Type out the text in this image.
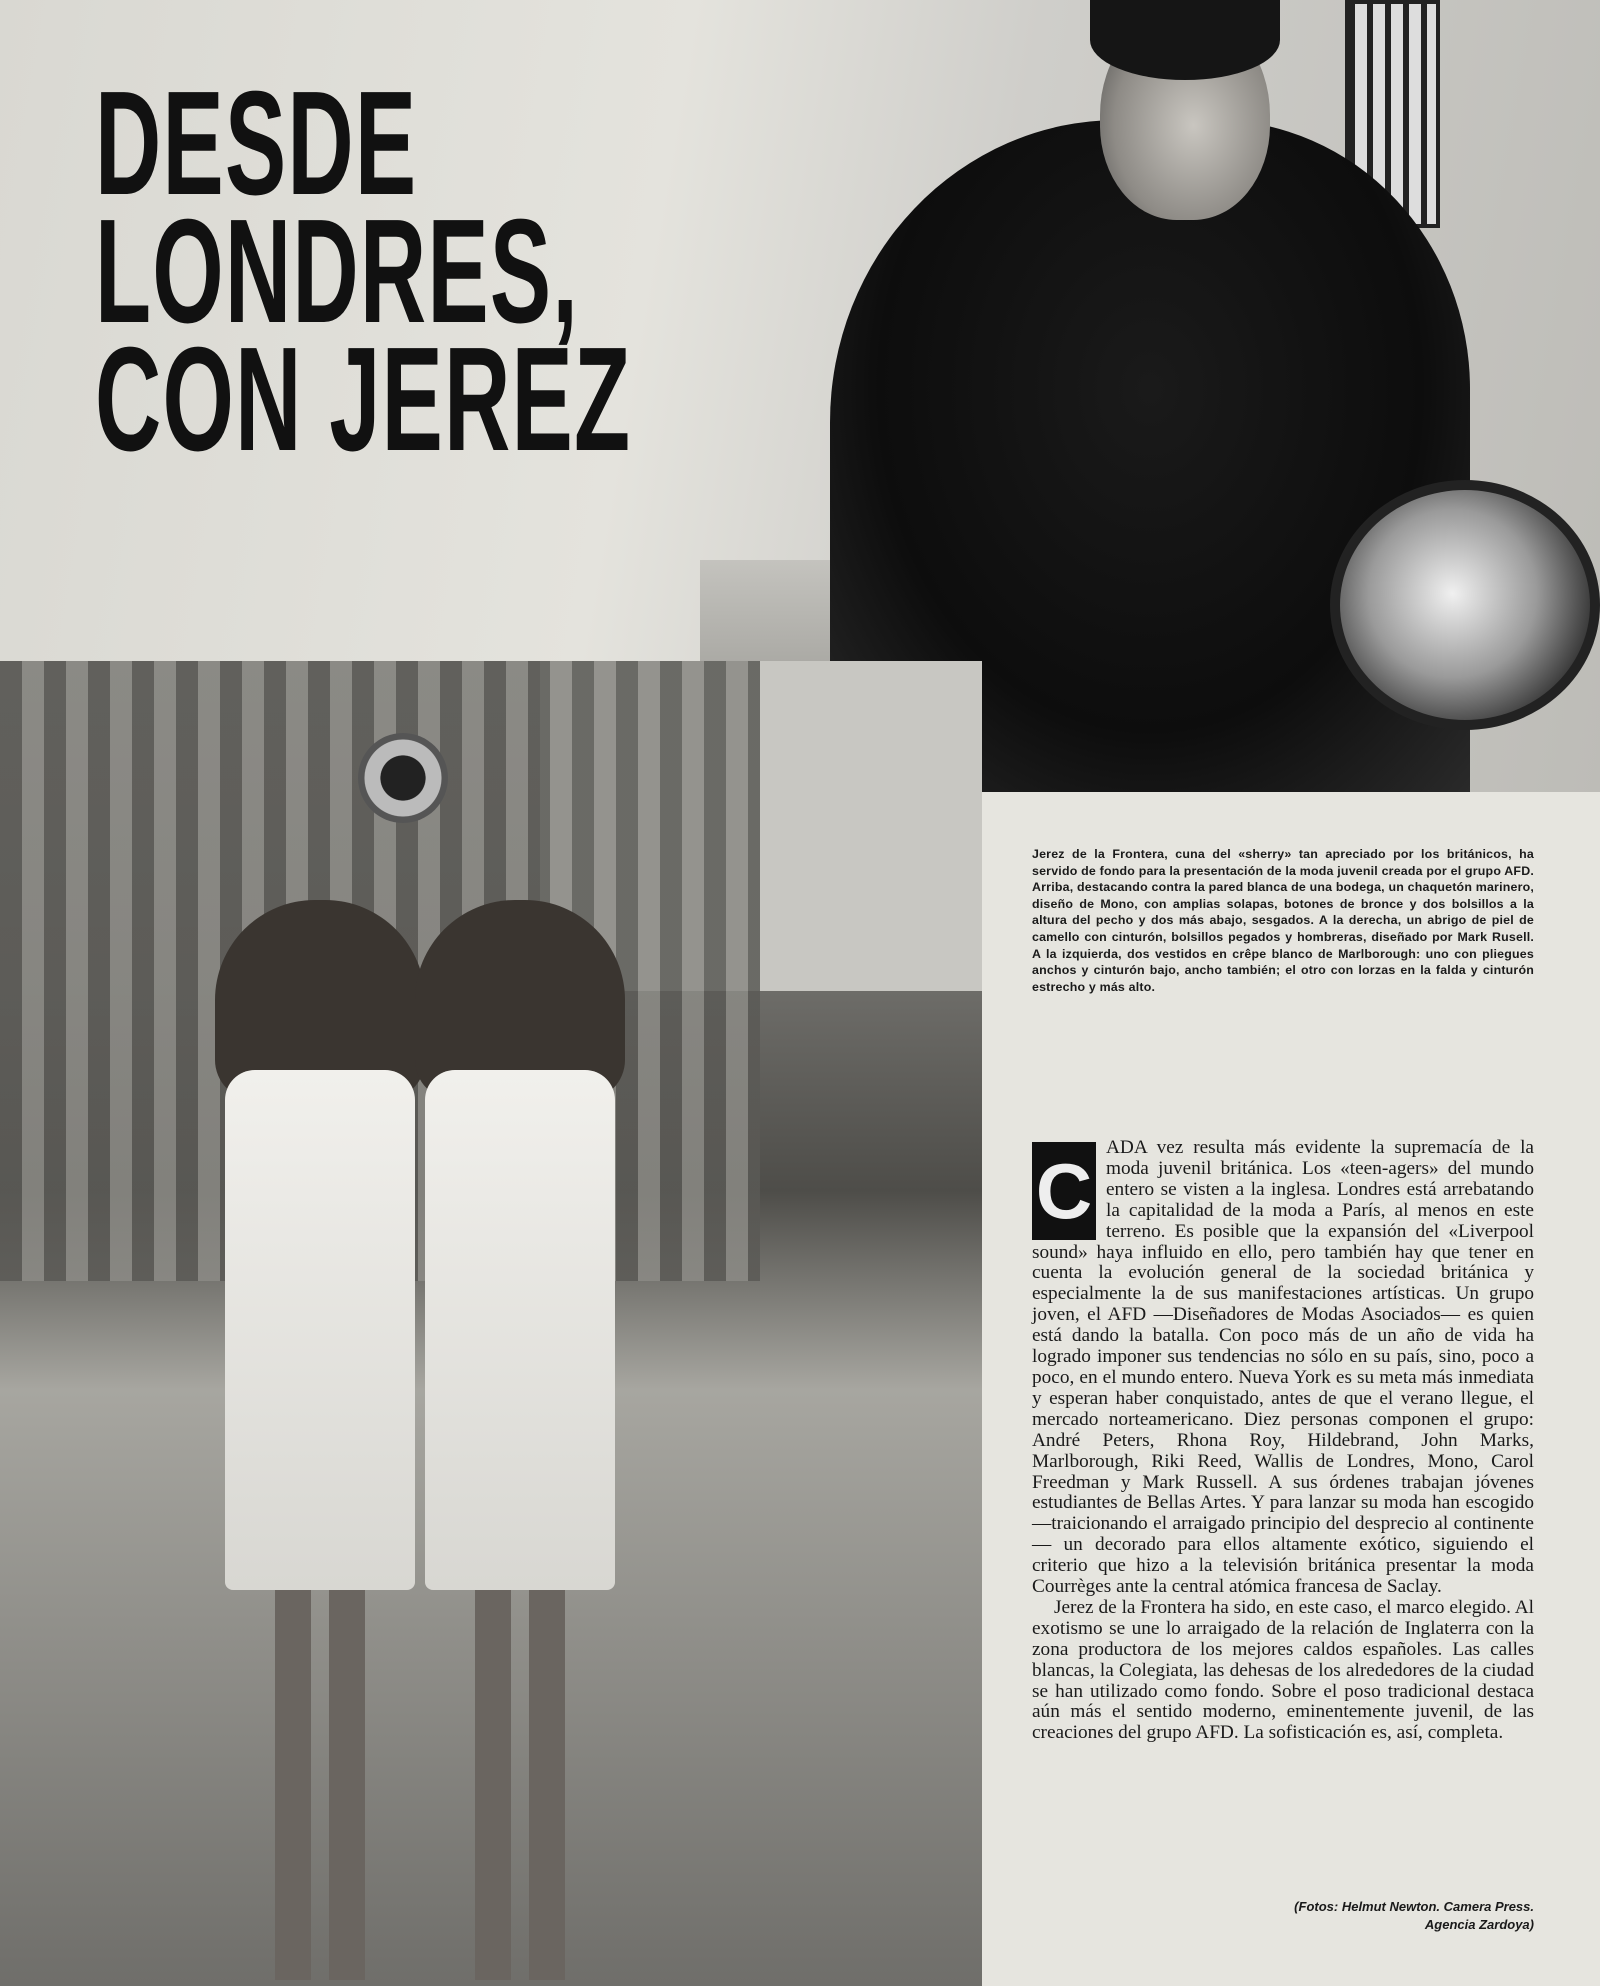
DESDE
LONDRES,
CON JEREZ
Jerez de la Frontera, cuna del «sherry» tan apreciado por los británicos, ha servido de fondo para la presentación de la moda juvenil creada por el grupo AFD. Arriba, destacando contra la pared blanca de una bodega, un chaquetón marinero, diseño de Mono, con amplias solapas, botones de bronce y dos bolsillos a la altura del pecho y dos más abajo, sesgados. A la derecha, un abrigo de piel de camello con cinturón, bolsillos pegados y hombreras, diseñado por Mark Rusell. A la izquierda, dos vestidos en crêpe blanco de Marlborough: uno con pliegues anchos y cinturón bajo, ancho también; el otro con lorzas en la falda y cinturón estrecho y más alto.

C ADA vez resulta más evidente la supremacía de la moda juvenil británica. Los «teen-agers» del mundo entero se visten a la inglesa. Londres está arrebatando la capitalidad de la moda a París, al menos en este terreno. Es posible que la expansión del «Liverpool sound» haya influido en ello, pero también hay que tener en cuenta la evolución general de la sociedad británica y especialmente la de sus manifestaciones artísticas. Un grupo joven, el AFD —Diseñadores de Modas Asociados— es quien está dando la batalla. Con poco más de un año de vida ha logrado imponer sus tendencias no sólo en su país, sino, poco a poco, en el mundo entero. Nueva York es su meta más inmediata y esperan haber conquistado, antes de que el verano llegue, el mercado norteamericano. Diez personas componen el grupo: André Peters, Rhona Roy, Hildebrand, John Marks, Marlborough, Riki Reed, Wallis de Londres, Mono, Carol Freedman y Mark Russell. A sus órdenes trabajan jóvenes estudiantes de Bellas Artes. Y para lanzar su moda han escogido —traicionando el arraigado principio del desprecio al continente— un decorado para ellos altamente exótico, siguiendo el criterio que hizo a la televisión británica presentar la moda Courrèges ante la central atómica francesa de Saclay.

Jerez de la Frontera ha sido, en este caso, el marco elegido. Al exotismo se une lo arraigado de la relación de Inglaterra con la zona productora de los mejores caldos españoles. Las calles blancas, la Colegiata, las dehesas de los alrededores de la ciudad se han utilizado como fondo. Sobre el poso tradicional destaca aún más el sentido moderno, eminentemente juvenil, de las creaciones del grupo AFD. La sofisticación es, así, completa.

(Fotos: Helmut Newton. Camera Press.
Agencia Zardoya)
